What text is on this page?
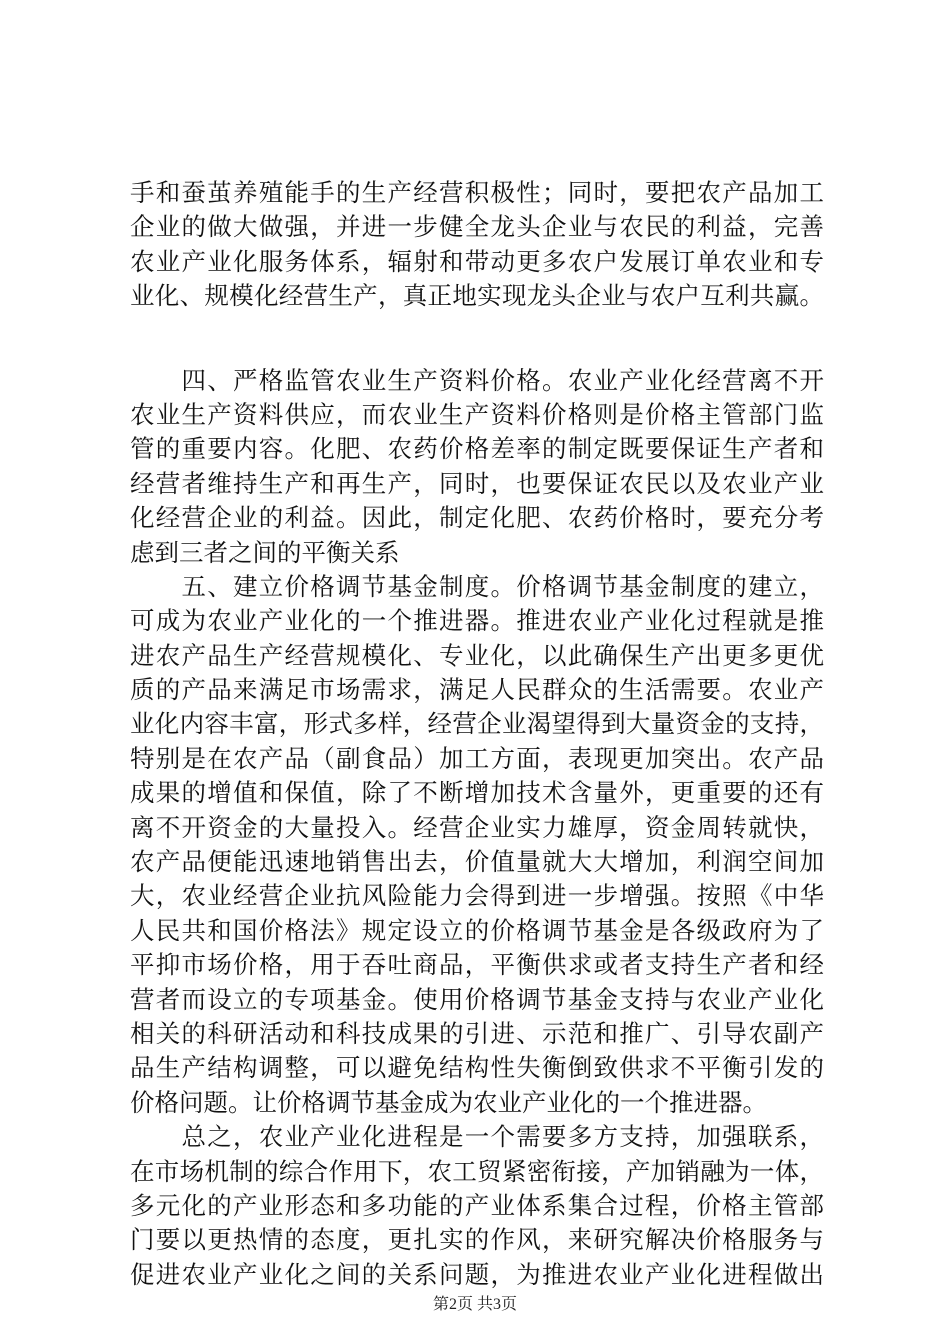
手和蚕茧养殖能手的生产经营积极性；同时，要把农产品加工
企业的做大做强，并进一步健全龙头企业与农民的利益，完善
农业产业化服务体系，辐射和带动更多农户发展订单农业和专
业化、规模化经营生产，真正地实现龙头企业与农户互利共赢。
　　四、严格监管农业生产资料价格。农业产业化经营离不开
农业生产资料供应，而农业生产资料价格则是价格主管部门监
管的重要内容。化肥、农药价格差率的制定既要保证生产者和
经营者维持生产和再生产，同时，也要保证农民以及农业产业
化经营企业的利益。因此，制定化肥、农药价格时，要充分考
虑到三者之间的平衡关系
　　五、建立价格调节基金制度。价格调节基金制度的建立，
可成为农业产业化的一个推进器。推进农业产业化过程就是推
进农产品生产经营规模化、专业化，以此确保生产出更多更优
质的产品来满足市场需求，满足人民群众的生活需要。农业产
业化内容丰富，形式多样，经营企业渴望得到大量资金的支持，
特别是在农产品（副食品）加工方面，表现更加突出。农产品
成果的增值和保值，除了不断增加技术含量外，更重要的还有
离不开资金的大量投入。经营企业实力雄厚，资金周转就快，
农产品便能迅速地销售出去，价值量就大大增加，利润空间加
大，农业经营企业抗风险能力会得到进一步增强。按照《中华
人民共和国价格法》规定设立的价格调节基金是各级政府为了
平抑市场价格，用于吞吐商品，平衡供求或者支持生产者和经
营者而设立的专项基金。使用价格调节基金支持与农业产业化
相关的科研活动和科技成果的引进、示范和推广、引导农副产
品生产结构调整，可以避免结构性失衡倒致供求不平衡引发的
价格问题。让价格调节基金成为农业产业化的一个推进器。
　　总之，农业产业化进程是一个需要多方支持，加强联系，
在市场机制的综合作用下，农工贸紧密衔接，产加销融为一体，
多元化的产业形态和多功能的产业体系集合过程，价格主管部
门要以更热情的态度，更扎实的作风，来研究解决价格服务与
促进农业产业化之间的关系问题，为推进农业产业化进程做出
第2页 共3页
